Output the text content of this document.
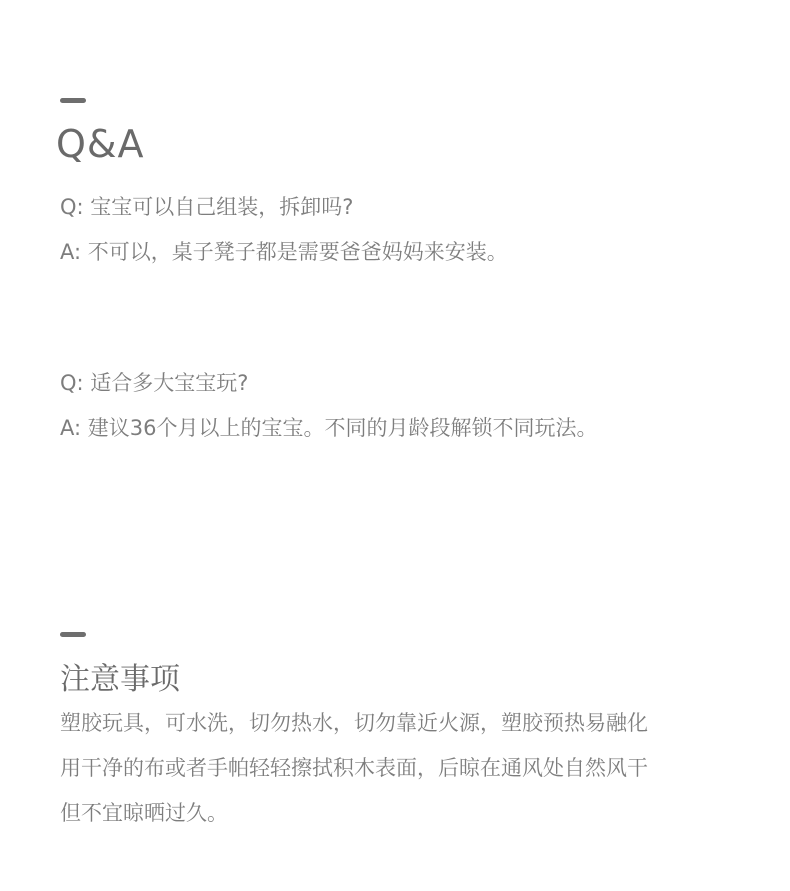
Q&A
Q: 宝宝可以自己组装，拆卸吗?
A: 不可以，桌子凳子都是需要爸爸妈妈来安装。
Q: 适合多大宝宝玩?
A: 建议36个月以上的宝宝。不同的月龄段解锁不同玩法。
注意事项
塑胶玩具，可水洗，切勿热水，切勿靠近火源，塑胶预热易融化
用干净的布或者手帕轻轻擦拭积木表面，后晾在通风处自然风干
但不宜晾晒过久。
